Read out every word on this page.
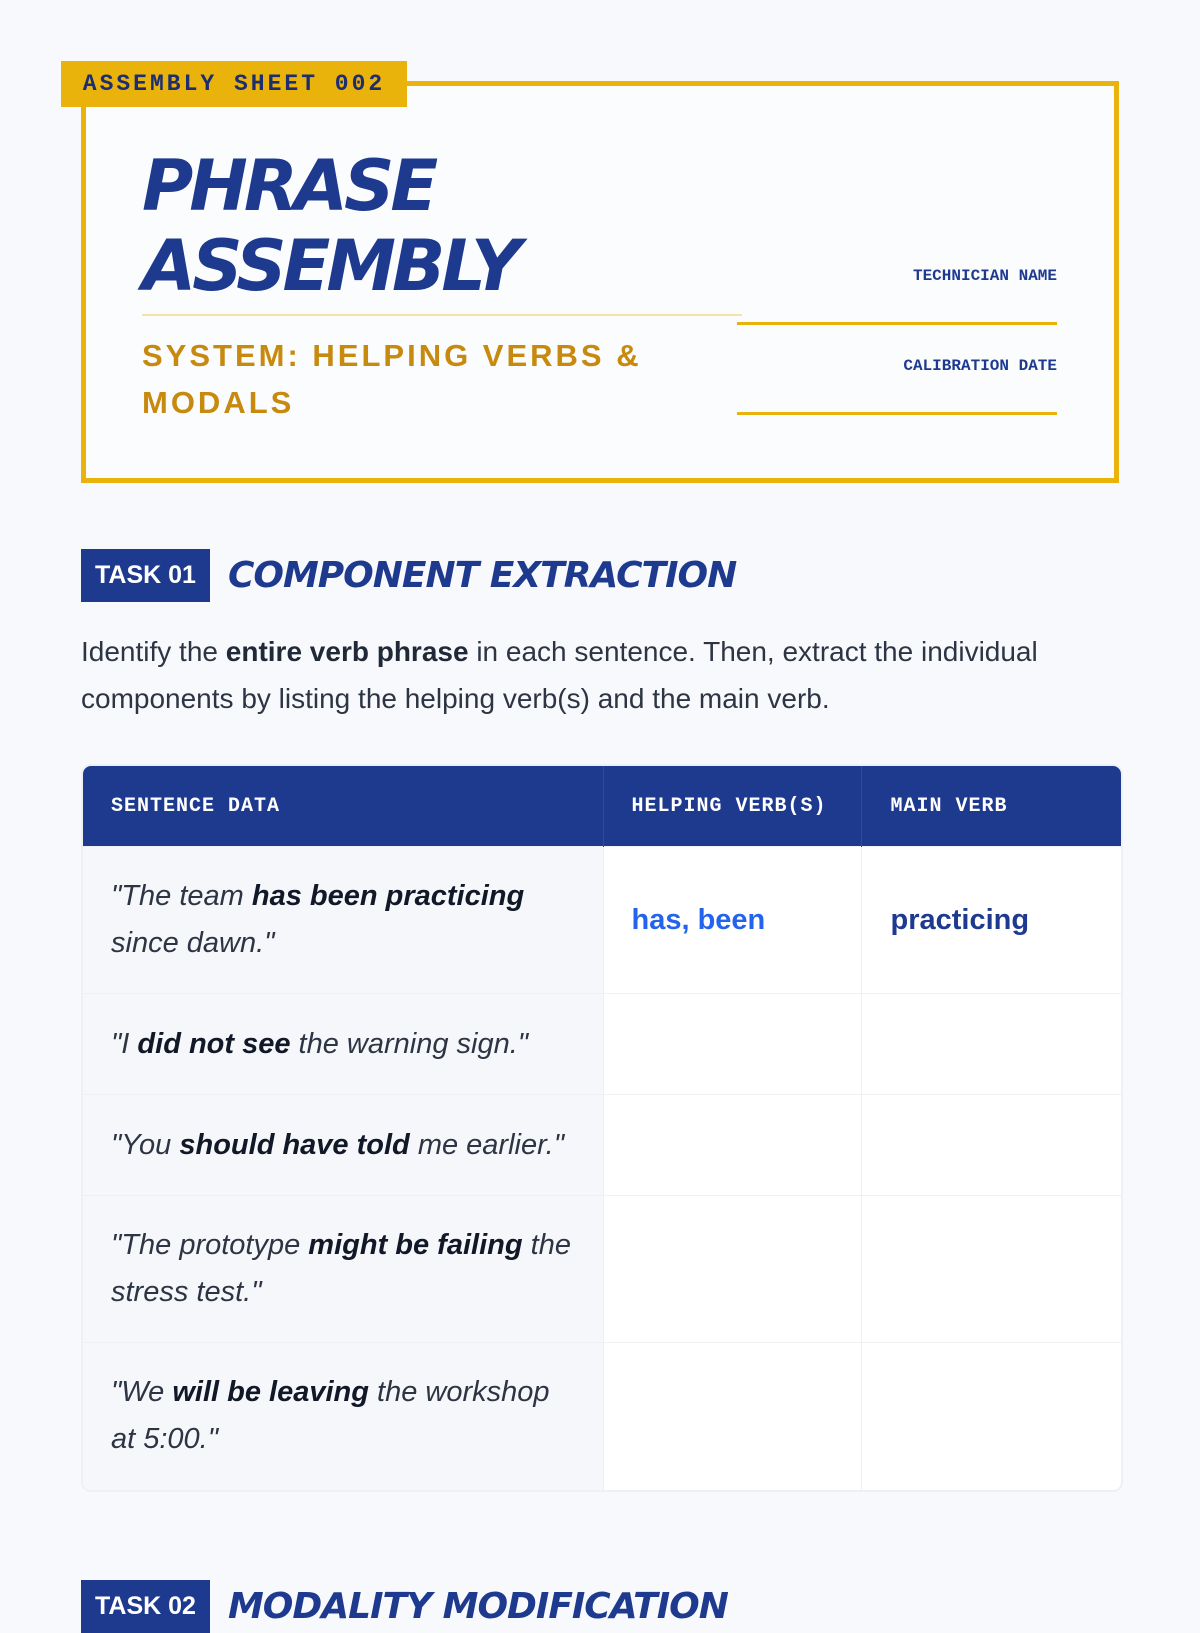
ASSEMBLY SHEET 002
PHRASE
ASSEMBLY
SYSTEM: HELPING VERBS & MODALS
TECHNICIAN NAME
CALIBRATION DATE
TASK 01 COMPONENT EXTRACTION

Identify the entire verb phrase in each sentence. Then, extract the individual components by listing the helping verb(s) and the main verb.

SENTENCE DATA	HELPING VERB(S)	MAIN VERB
"The team has been practicing since dawn."	has, been	practicing
"I did not see the warning sign."		
"You should have told me earlier."		
"The prototype might be failing the stress test."		
"We will be leaving the workshop at 5:00."		
TASK 02 MODALITY MODIFICATION
